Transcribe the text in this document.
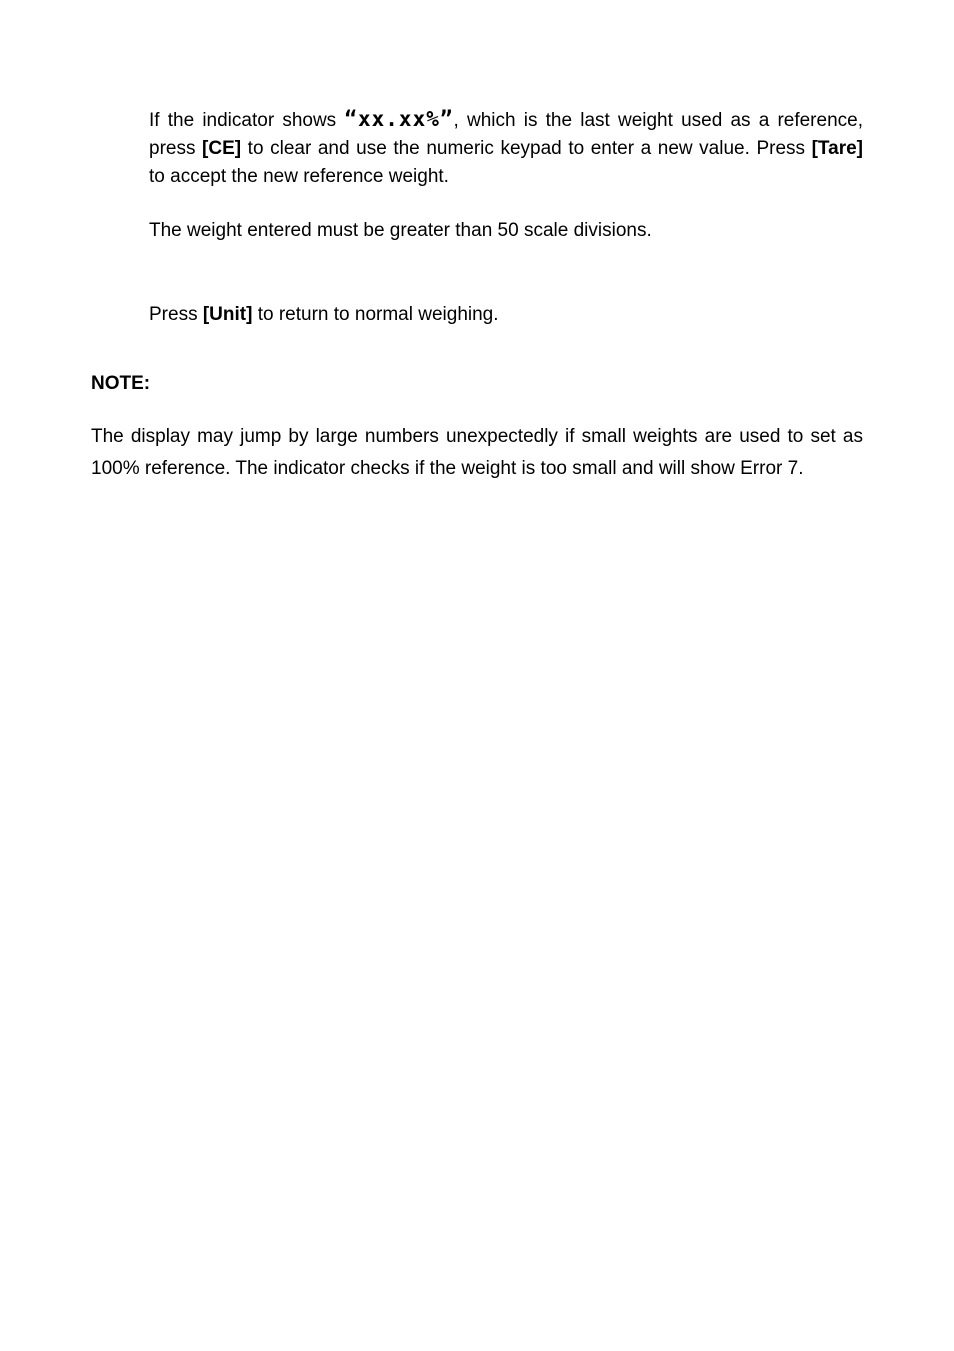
If the indicator shows “xx.xx%”, which is the last weight used as a reference, press [CE] to clear and use the numeric keypad to enter a new value. Press [Tare] to accept the new reference weight.

The weight entered must be greater than 50 scale divisions.

Press [Unit] to return to normal weighing.

NOTE:

The display may jump by large numbers unexpectedly if small weights are used to set as 100% reference. The indicator checks if the weight is too small and will show Error 7.
